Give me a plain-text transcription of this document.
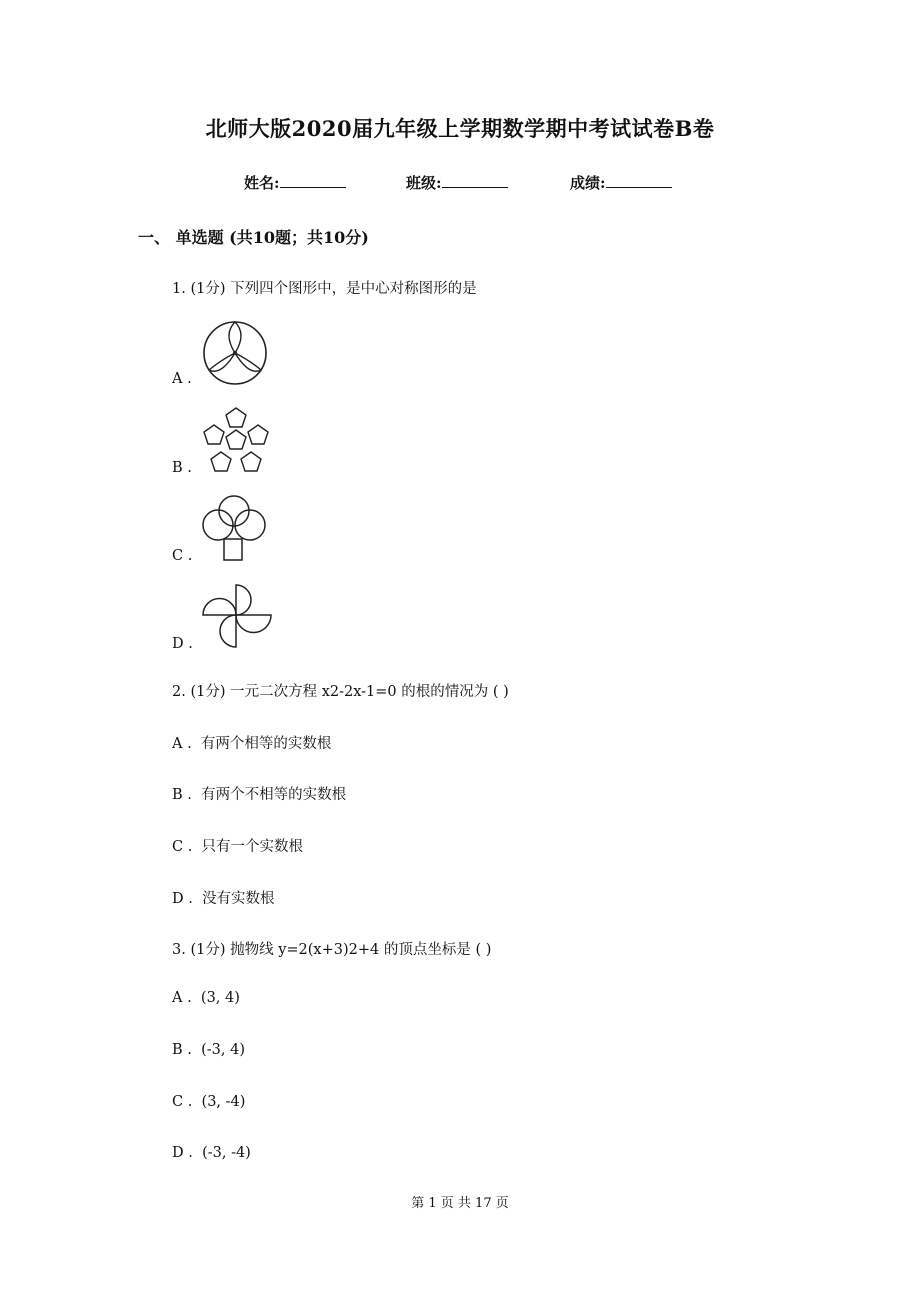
北师大版2020届九年级上学期数学期中考试试卷B卷
姓名:	班级:	成绩:
一、 单选题 (共10题；共10分)
1. (1分) 下列四个图形中，是中心对称图形的是
A .
B .
C .
D .
2. (1分) 一元二次方程 x2-2x-1=0 的根的情况为 ( )
A . 有两个相等的实数根
B . 有两个不相等的实数根
C . 只有一个实数根
D . 没有实数根
3. (1分) 抛物线 y=2(x+3)2+4 的顶点坐标是 ( )
A . (3, 4)
B . (-3, 4)
C . (3, -4)
D . (-3, -4)
第 1 页 共 17 页
